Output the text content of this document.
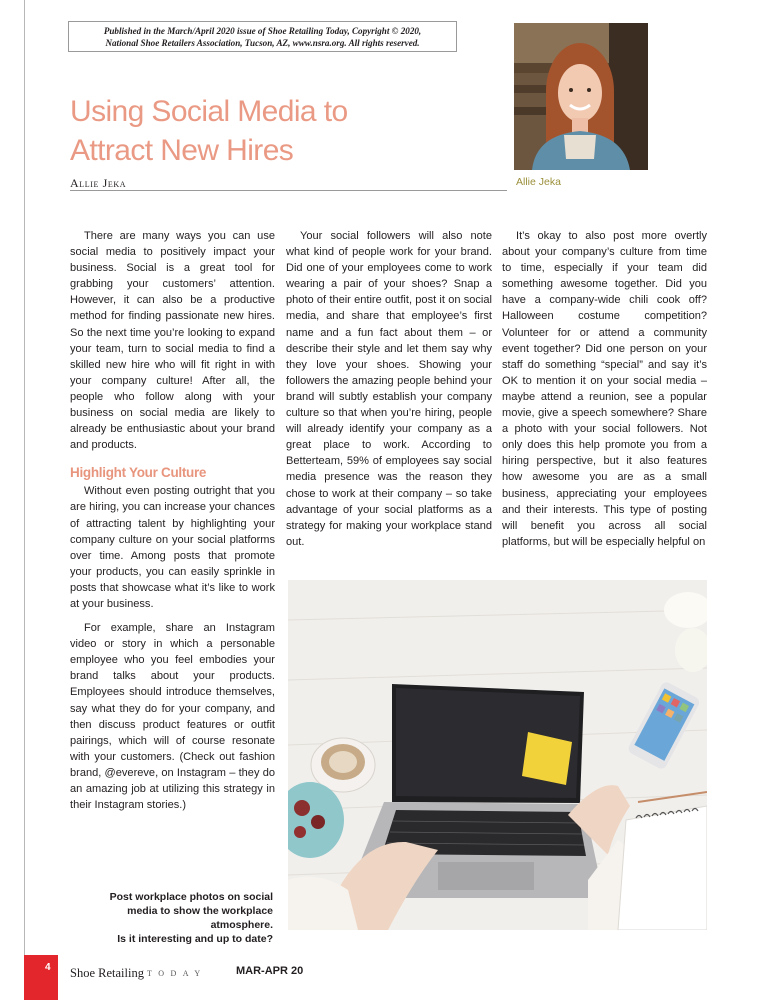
Published in the March/April 2020 issue of Shoe Retailing Today, Copyright © 2020,
National Shoe Retailers Association, Tucson, AZ, www.nsra.org. All rights reserved.
Using Social Media to
Attract New Hires
Allie Jeka	Allie Jeka

There are many ways you can use social media to positively impact your business. Social is a great tool for grabbing your customers’ attention. However, it can also be a productive method for finding passionate new hires. So the next time you’re looking to expand your team, turn to social media to find a skilled new hire who will fit right in with your company culture! After all, the people who follow along with your business on social media are likely to already be enthusiastic about your brand and products.

Highlight Your Culture

Without even posting outright that you are hiring, you can increase your chances of attracting talent by highlighting your company culture on your social platforms over time. Among posts that promote your products, you can easily sprinkle in posts that showcase what it’s like to work at your business.

For example, share an Instagram video or story in which a personable employee who you feel embodies your brand talks about your products. Employees should introduce themselves, say what they do for your company, and then discuss product features or outfit pairings, which will of course resonate with your customers. (Check out fashion brand, @evereve, on Instagram – they do an amazing job at utilizing this strategy in their Instagram stories.)

Your social followers will also note what kind of people work for your brand. Did one of your employees come to work wearing a pair of your shoes? Snap a photo of their entire outfit, post it on social media, and share that employee’s first name and a fun fact about them – or describe their style and let them say why they love your shoes. Showing your followers the amazing people behind your brand will subtly establish your company culture so that when you’re hiring, people will already identify your company as a great place to work. According to Betterteam, 59% of employees say social media presence was the reason they chose to work at their company – so take advantage of your social platforms as a strategy for making your workplace stand out.

It’s okay to also post more overtly about your company’s culture from time to time, especially if your team did something awesome together. Did you have a company-wide chili cook off? Halloween costume competition? Volunteer for or attend a community event together? Did one person on your staff do something “special” and say it’s OK to mention it on your social media – maybe attend a reunion, see a popular movie, give a speech somewhere? Share a photo with your social followers. Not only does this help promote you from a hiring perspective, but it also features how awesome you are as a small business, appreciating your employees and their interests. This type of posting will benefit you across all social platforms, but will be especially helpful on

Post workplace photos on social
media to show the workplace atmosphere.
Is it interesting and up to date?
4 Shoe Retailing TODAY	MAR-APR 20
